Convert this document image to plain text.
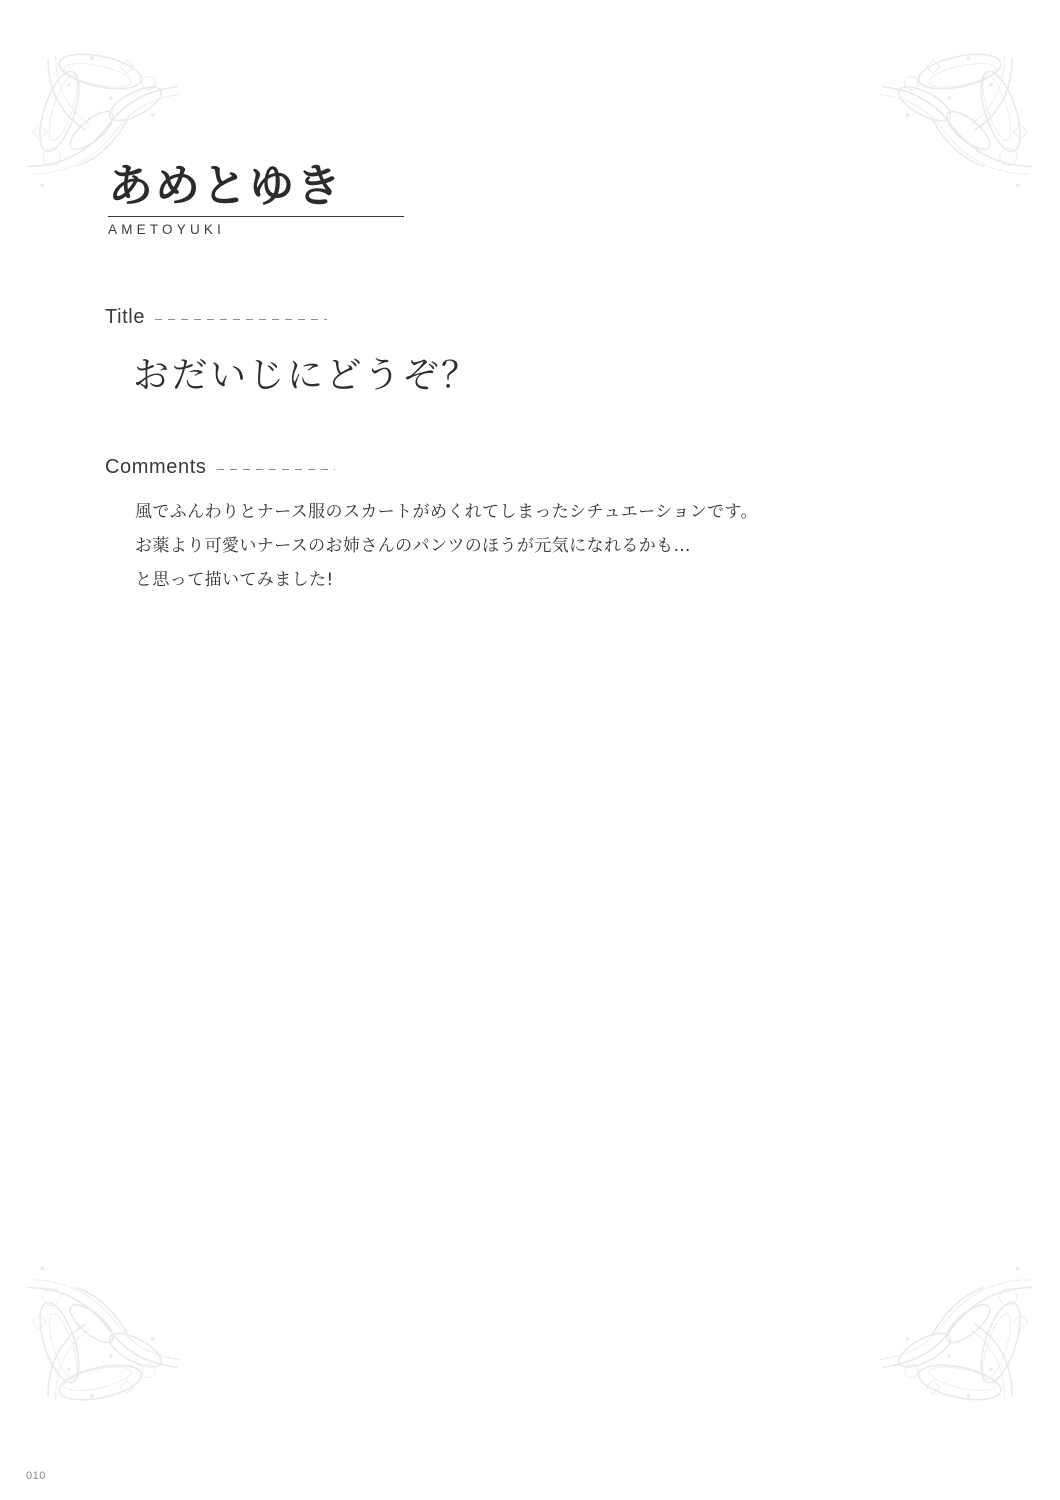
あめとゆき
AMETOYUKI
Title
おだいじにどうぞ？
Comments
風でふんわりとナース服のスカートがめくれてしまったシチュエーションです。
お薬より可愛いナースのお姉さんのパンツのほうが元気になれるかも…
と思って描いてみました!
010
